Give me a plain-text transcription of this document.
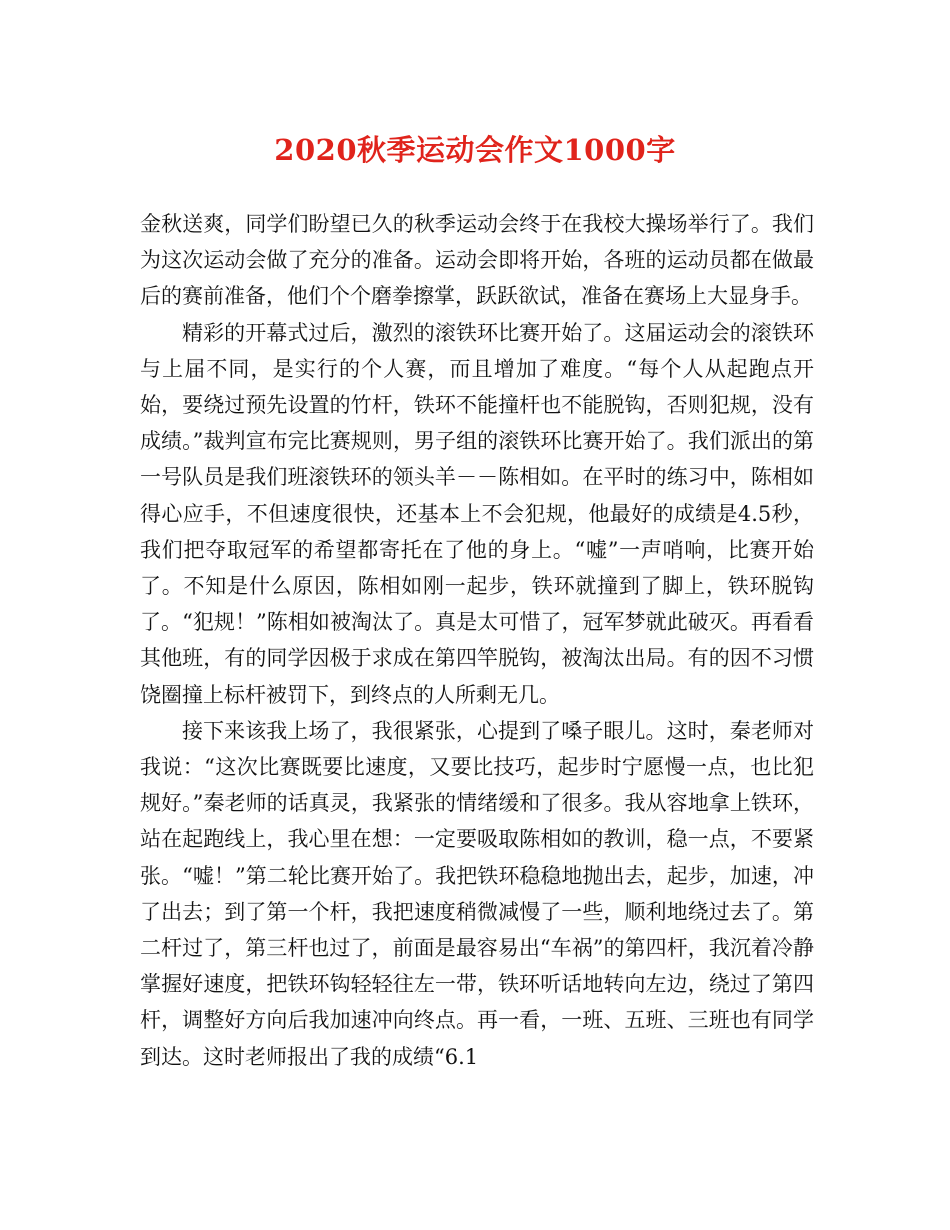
2020秋季运动会作文1000字

金秋送爽，同学们盼望已久的秋季运动会终于在我校大操场举行了。我们为这次运动会做了充分的准备。运动会即将开始，各班的运动员都在做最后的赛前准备，他们个个磨拳擦掌，跃跃欲试，准备在赛场上大显身手。

精彩的开幕式过后，激烈的滚铁环比赛开始了。这届运动会的滚铁环与上届不同，是实行的个人赛，而且增加了难度。“每个人从起跑点开始，要绕过预先设置的竹杆，铁环不能撞杆也不能脱钩，否则犯规，没有成绩。”裁判宣布完比赛规则，男子组的滚铁环比赛开始了。我们派出的第一号队员是我们班滚铁环的领头羊－－陈相如。在平时的练习中，陈相如得心应手，不但速度很快，还基本上不会犯规，他最好的成绩是4.5秒，我们把夺取冠军的希望都寄托在了他的身上。“嘘”一声哨响，比赛开始了。不知是什么原因，陈相如刚一起步，铁环就撞到了脚上，铁环脱钩了。“犯规！”陈相如被淘汰了。真是太可惜了，冠军梦就此破灭。再看看其他班，有的同学因极于求成在第四竿脱钩，被淘汰出局。有的因不习惯饶圈撞上标杆被罚下，到终点的人所剩无几。

接下来该我上场了，我很紧张，心提到了嗓子眼儿。这时，秦老师对我说：“这次比赛既要比速度，又要比技巧，起步时宁愿慢一点，也比犯规好。”秦老师的话真灵，我紧张的情绪缓和了很多。我从容地拿上铁环，站在起跑线上，我心里在想：一定要吸取陈相如的教训，稳一点，不要紧张。“嘘！”第二轮比赛开始了。我把铁环稳稳地抛出去，起步，加速，冲了出去；到了第一个杆，我把速度稍微减慢了一些，顺利地绕过去了。第二杆过了，第三杆也过了，前面是最容易出“车祸”的第四杆，我沉着冷静掌握好速度，把铁环钩轻轻往左一带，铁环听话地转向左边，绕过了第四杆，调整好方向后我加速冲向终点。再一看，一班、五班、三班也有同学到达。这时老师报出了我的成绩“6.1
